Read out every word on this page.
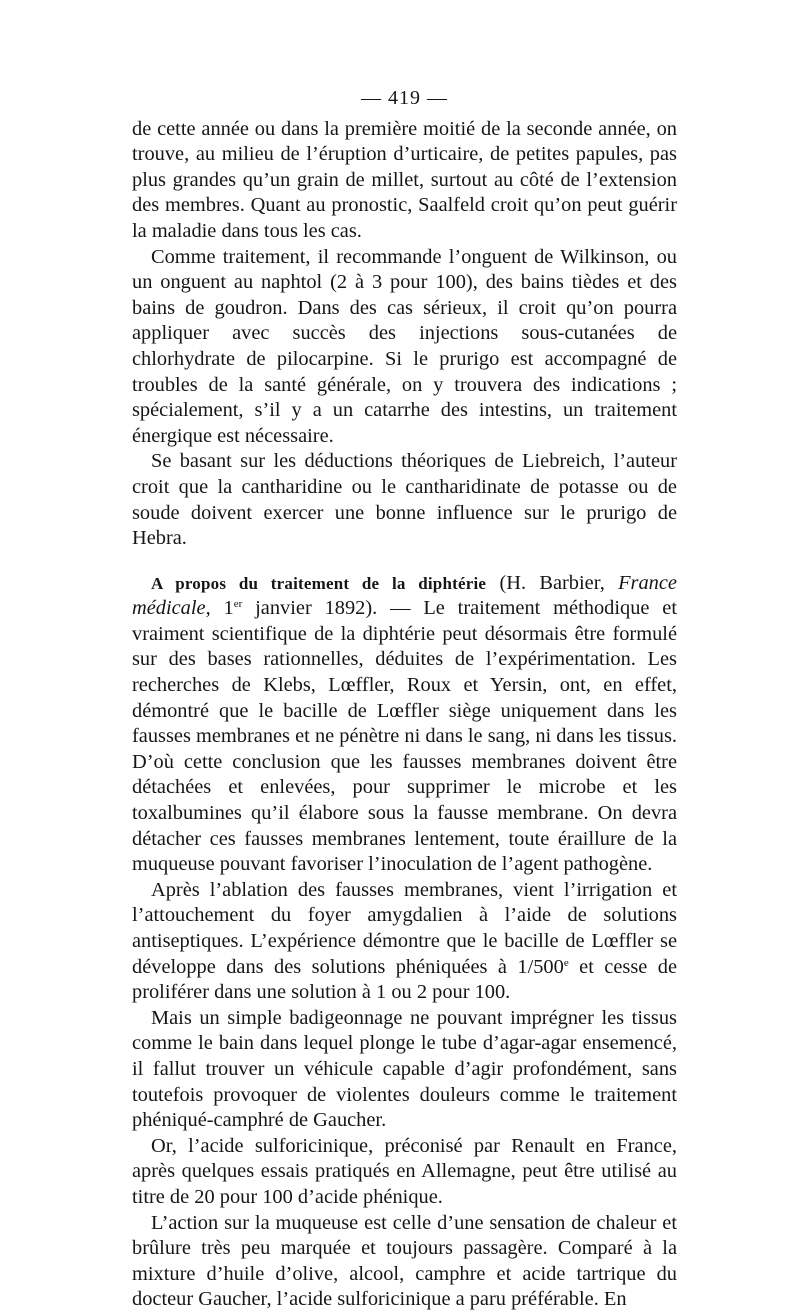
— 419 —

de cette année ou dans la première moitié de la seconde année, on trouve, au milieu de l’éruption d’urticaire, de petites papules, pas plus grandes qu’un grain de millet, surtout au côté de l’extension des membres. Quant au pronostic, Saalfeld croit qu’on peut guérir la maladie dans tous les cas.

Comme traitement, il recommande l’onguent de Wilkinson, ou un onguent au naphtol (2 à 3 pour 100), des bains tièdes et des bains de goudron. Dans des cas sérieux, il croit qu’on pourra appliquer avec succès des injections sous-cutanées de chlorhydrate de pilocarpine. Si le prurigo est accompagné de troubles de la santé générale, on y trouvera des indications ; spécialement, s’il y a un catarrhe des intestins, un traitement énergique est nécessaire.

Se basant sur les déductions théoriques de Liebreich, l’auteur croit que la cantharidine ou le cantharidinate de potasse ou de soude doivent exercer une bonne influence sur le prurigo de Hebra.

A propos du traitement de la diphtérie (H. Barbier, France médicale, 1er janvier 1892). — Le traitement méthodique et vraiment scientifique de la diphtérie peut désormais être formulé sur des bases rationnelles, déduites de l’expérimentation. Les recherches de Klebs, Lœffler, Roux et Yersin, ont, en effet, démontré que le bacille de Lœffler siège uniquement dans les fausses membranes et ne pénètre ni dans le sang, ni dans les tissus. D’où cette conclusion que les fausses membranes doivent être détachées et enlevées, pour supprimer le microbe et les toxalbumines qu’il élabore sous la fausse membrane. On devra détacher ces fausses membranes lentement, toute éraillure de la muqueuse pouvant favoriser l’inoculation de l’agent pathogène.

Après l’ablation des fausses membranes, vient l’irrigation et l’attouchement du foyer amygdalien à l’aide de solutions antiseptiques. L’expérience démontre que le bacille de Lœffler se développe dans des solutions phéniquées à 1/500e et cesse de proliférer dans une solution à 1 ou 2 pour 100.

Mais un simple badigeonnage ne pouvant imprégner les tissus comme le bain dans lequel plonge le tube d’agar-agar ensemencé, il fallut trouver un véhicule capable d’agir profondément, sans toutefois provoquer de violentes douleurs comme le traitement phéniqué-camphré de Gaucher.

Or, l’acide sulforicinique, préconisé par Renault en France, après quelques essais pratiqués en Allemagne, peut être utilisé au titre de 20 pour 100 d’acide phénique.

L’action sur la muqueuse est celle d’une sensation de chaleur et brûlure très peu marquée et toujours passagère. Comparé à la mixture d’huile d’olive, alcool, camphre et acide tartrique du docteur Gaucher, l’acide sulforicinique a paru préférable. En
